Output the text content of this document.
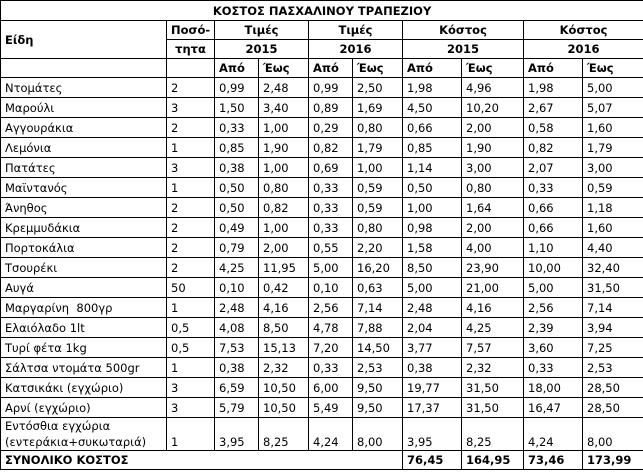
ΚΟΣΤΟΣ ΠΑΣΧΑΛΙΝΟΥ ΤΡΑΠΕΖΙΟΥ									
Είδη	Ποσό-	Τιμές		Τιμές		Κόστος		Κόστος	
	τητα	2015		2016		2015		2016	
		Από	Έως	Από	Έως	Από	Έως	Από	Έως
Ντομάτες	2	0,99	2,48	0,99	2,50	1,98	4,96	1,98	5,00
Μαρούλι	3	1,50	3,40	0,89	1,69	4,50	10,20	2,67	5,07
Αγγουράκια	2	0,33	1,00	0,29	0,80	0,66	2,00	0,58	1,60
Λεμόνια	1	0,85	1,90	0,82	1,79	0,85	1,90	0,82	1,79
Πατάτες	3	0,38	1,00	0,69	1,00	1,14	3,00	2,07	3,00
Μαϊντανός	1	0,50	0,80	0,33	0,59	0,50	0,80	0,33	0,59
Άνηθος	2	0,50	0,82	0,33	0,59	1,00	1,64	0,66	1,18
Κρεμμυδάκια	2	0,49	1,00	0,33	0,80	0,98	2,00	0,66	1,60
Πορτοκάλια	2	0,79	2,00	0,55	2,20	1,58	4,00	1,10	4,40
Τσουρέκι	2	4,25	11,95	5,00	16,20	8,50	23,90	10,00	32,40
Αυγά	50	0,10	0,42	0,10	0,63	5,00	21,00	5,00	31,50
Μαργαρίνη  800γρ	1	2,48	4,16	2,56	7,14	2,48	4,16	2,56	7,14
Ελαιόλαδο 1lt	0,5	4,08	8,50	4,78	7,88	2,04	4,25	2,39	3,94
Τυρί φέτα 1kg	0,5	7,53	15,13	7,20	14,50	3,77	7,57	3,60	7,25
Σάλτσα ντομάτα 500gr	1	0,38	2,32	0,33	2,53	0,38	2,32	0,33	2,53
Κατσικάκι (εγχώριο)	3	6,59	10,50	6,00	9,50	19,77	31,50	18,00	28,50
Αρνί (εγχώριο)	3	5,79	10,50	5,49	9,50	17,37	31,50	16,47	28,50

Εντόσθια εγχώρια
(εντεράκια+συκωταριά)	1	3,95	8,25	4,24	8,00	3,95	8,25	4,24	8,00
ΣΥΝΟΛΙΚΟ ΚΟΣΤΟΣ						76,45	164,95	73,46	173,99
